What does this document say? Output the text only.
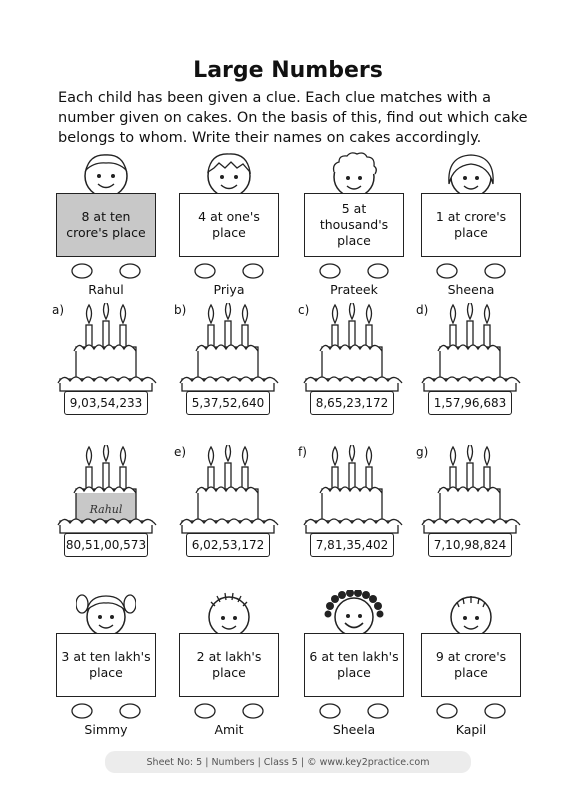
Large Numbers
Each child has been given a clue. Each clue matches with a number given on cakes. On the basis of this, find out which cake belongs to whom. Write their names on cakes accordingly.
8 at ten crore's place
Rahul
4 at one's place
Priya
5 at thousand's place
Prateek
1 at crore's place
Sheena
a)
9,03,54,233
b)
5,37,52,640
c)
8,65,23,172
d)
1,57,96,683
80,51,00,573
Rahul
e)
6,02,53,172
f)
7,81,35,402
g)
7,10,98,824
3 at ten lakh's place
Simmy
2 at lakh's place
Amit
6 at ten lakh's place
Sheela
9 at crore's place
Kapil
Sheet No: 5 | Numbers | Class 5 | © www.key2practice.com
